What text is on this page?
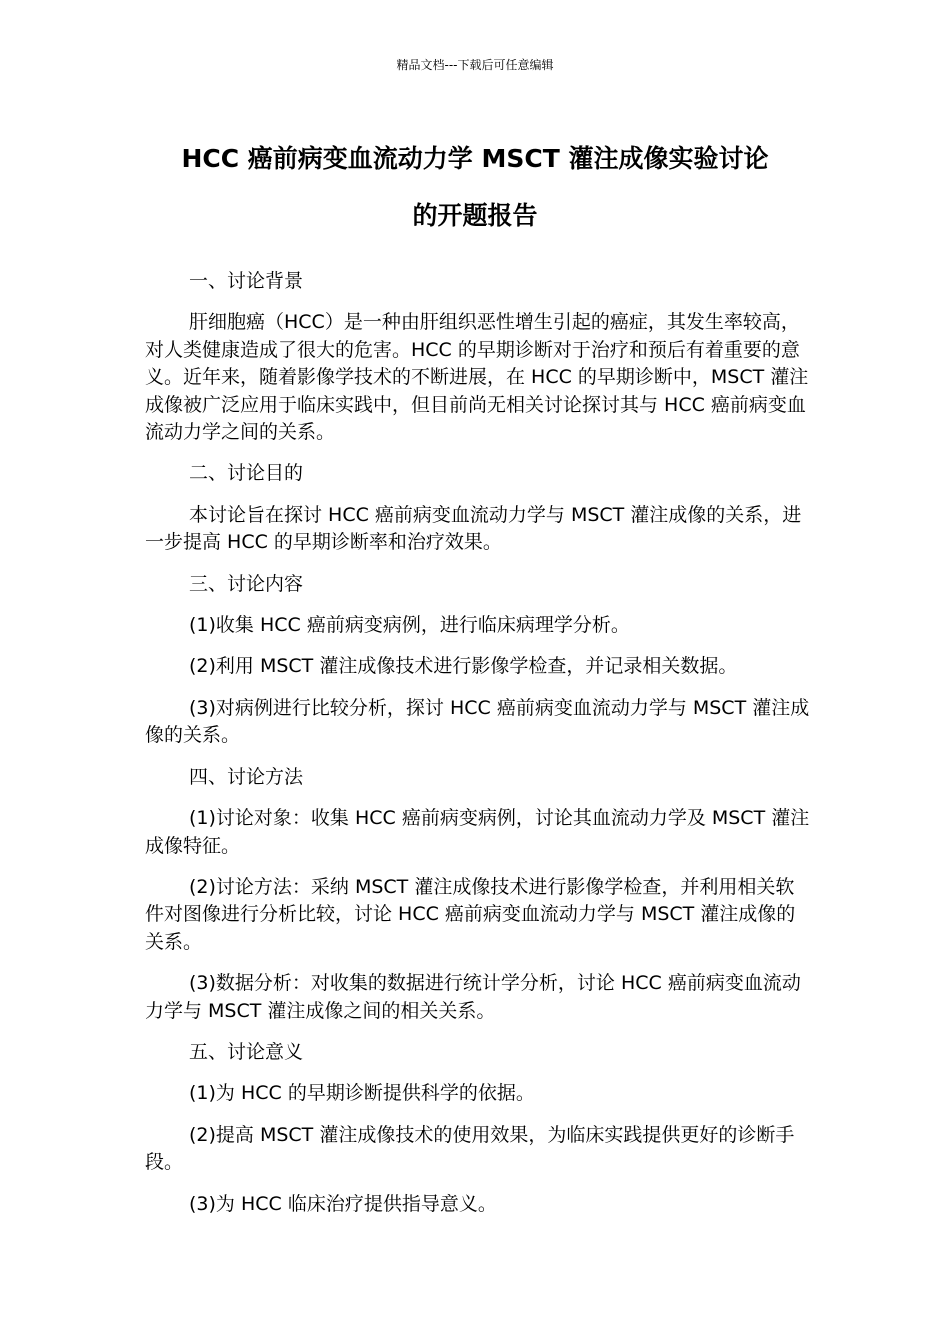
精品文档---下载后可任意编辑
HCC 癌前病变血流动力学 MSCT 灌注成像实验讨论
的开题报告

一、讨论背景

肝细胞癌（HCC）是一种由肝组织恶性增生引起的癌症，其发生率较高，对人类健康造成了很大的危害。HCC 的早期诊断对于治疗和预后有着重要的意义。近年来，随着影像学技术的不断进展，在 HCC 的早期诊断中，MSCT 灌注成像被广泛应用于临床实践中，但目前尚无相关讨论探讨其与 HCC 癌前病变血流动力学之间的关系。

二、讨论目的

本讨论旨在探讨 HCC 癌前病变血流动力学与 MSCT 灌注成像的关系，进一步提高 HCC 的早期诊断率和治疗效果。

三、讨论内容

(1)收集 HCC 癌前病变病例，进行临床病理学分析。

(2)利用 MSCT 灌注成像技术进行影像学检查，并记录相关数据。

(3)对病例进行比较分析，探讨 HCC 癌前病变血流动力学与 MSCT 灌注成像的关系。

四、讨论方法

(1)讨论对象：收集 HCC 癌前病变病例，讨论其血流动力学及 MSCT 灌注成像特征。

(2)讨论方法：采纳 MSCT 灌注成像技术进行影像学检查，并利用相关软件对图像进行分析比较，讨论 HCC 癌前病变血流动力学与 MSCT 灌注成像的关系。

(3)数据分析：对收集的数据进行统计学分析，讨论 HCC 癌前病变血流动力学与 MSCT 灌注成像之间的相关关系。

五、讨论意义

(1)为 HCC 的早期诊断提供科学的依据。

(2)提高 MSCT 灌注成像技术的使用效果，为临床实践提供更好的诊断手段。

(3)为 HCC 临床治疗提供指导意义。
